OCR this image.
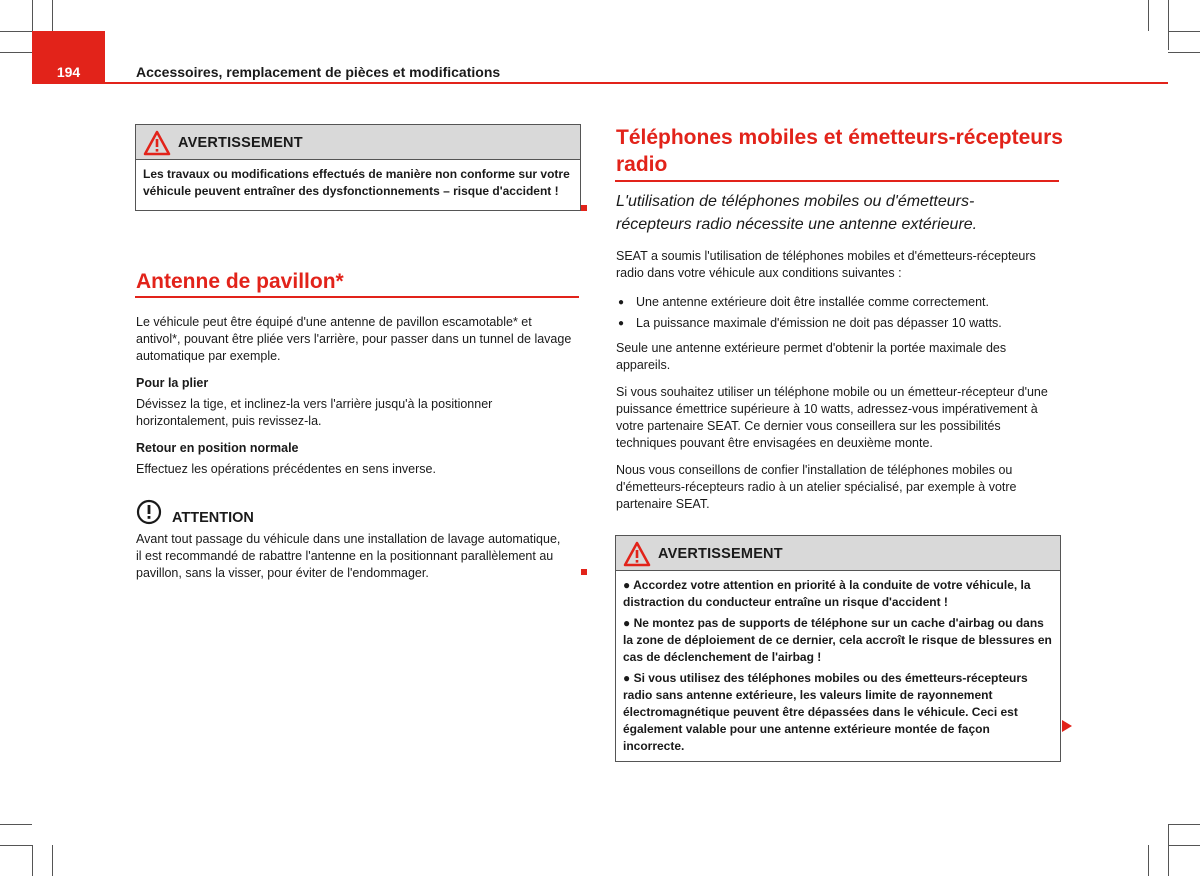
194	Accessoires, remplacement de pièces et modifications
AVERTISSEMENT

Les travaux ou modifications effectués de manière non conforme sur votre véhicule peuvent entraîner des dysfonctionnements – risque d'accident !

Antenne de pavillon*

Le véhicule peut être équipé d'une antenne de pavillon escamotable* et antivol*, pouvant être pliée vers l'arrière, pour passer dans un tunnel de lavage automatique par exemple.

Pour la plier

Dévissez la tige, et inclinez-la vers l'arrière jusqu'à la positionner horizontalement, puis revissez-la.

Retour en position normale

Effectuez les opérations précédentes en sens inverse.

ATTENTION
Avant tout passage du véhicule dans une installation de lavage automatique, il est recommandé de rabattre l'antenne en la positionnant parallèlement au pavillon, sans la visser, pour éviter de l'endommager.
Téléphones mobiles et émetteurs-récepteurs radio
L'utilisation de téléphones mobiles ou d'émetteurs-récepteurs radio nécessite une antenne extérieure.

SEAT a soumis l'utilisation de téléphones mobiles et d'émetteurs-récepteurs radio dans votre véhicule aux conditions suivantes :

● Une antenne extérieure doit être installée comme correctement.
● La puissance maximale d'émission ne doit pas dépasser 10 watts.

Seule une antenne extérieure permet d'obtenir la portée maximale des appareils.

Si vous souhaitez utiliser un téléphone mobile ou un émetteur-récepteur d'une puissance émettrice supérieure à 10 watts, adressez-vous impérativement à votre partenaire SEAT. Ce dernier vous conseillera sur les possibilités techniques pouvant être envisagées en deuxième monte.

Nous vous conseillons de confier l'installation de téléphones mobiles ou d'émetteurs-récepteurs radio à un atelier spécialisé, par exemple à votre partenaire SEAT.

AVERTISSEMENT

● Accordez votre attention en priorité à la conduite de votre véhicule, la distraction du conducteur entraîne un risque d'accident !

● Ne montez pas de supports de téléphone sur un cache d'airbag ou dans la zone de déploiement de ce dernier, cela accroît le risque de blessures en cas de déclenchement de l'airbag !

● Si vous utilisez des téléphones mobiles ou des émetteurs-récepteurs radio sans antenne extérieure, les valeurs limite de rayonnement électromagnétique peuvent être dépassées dans le véhicule. Ceci est également valable pour une antenne extérieure montée de façon incorrecte.
